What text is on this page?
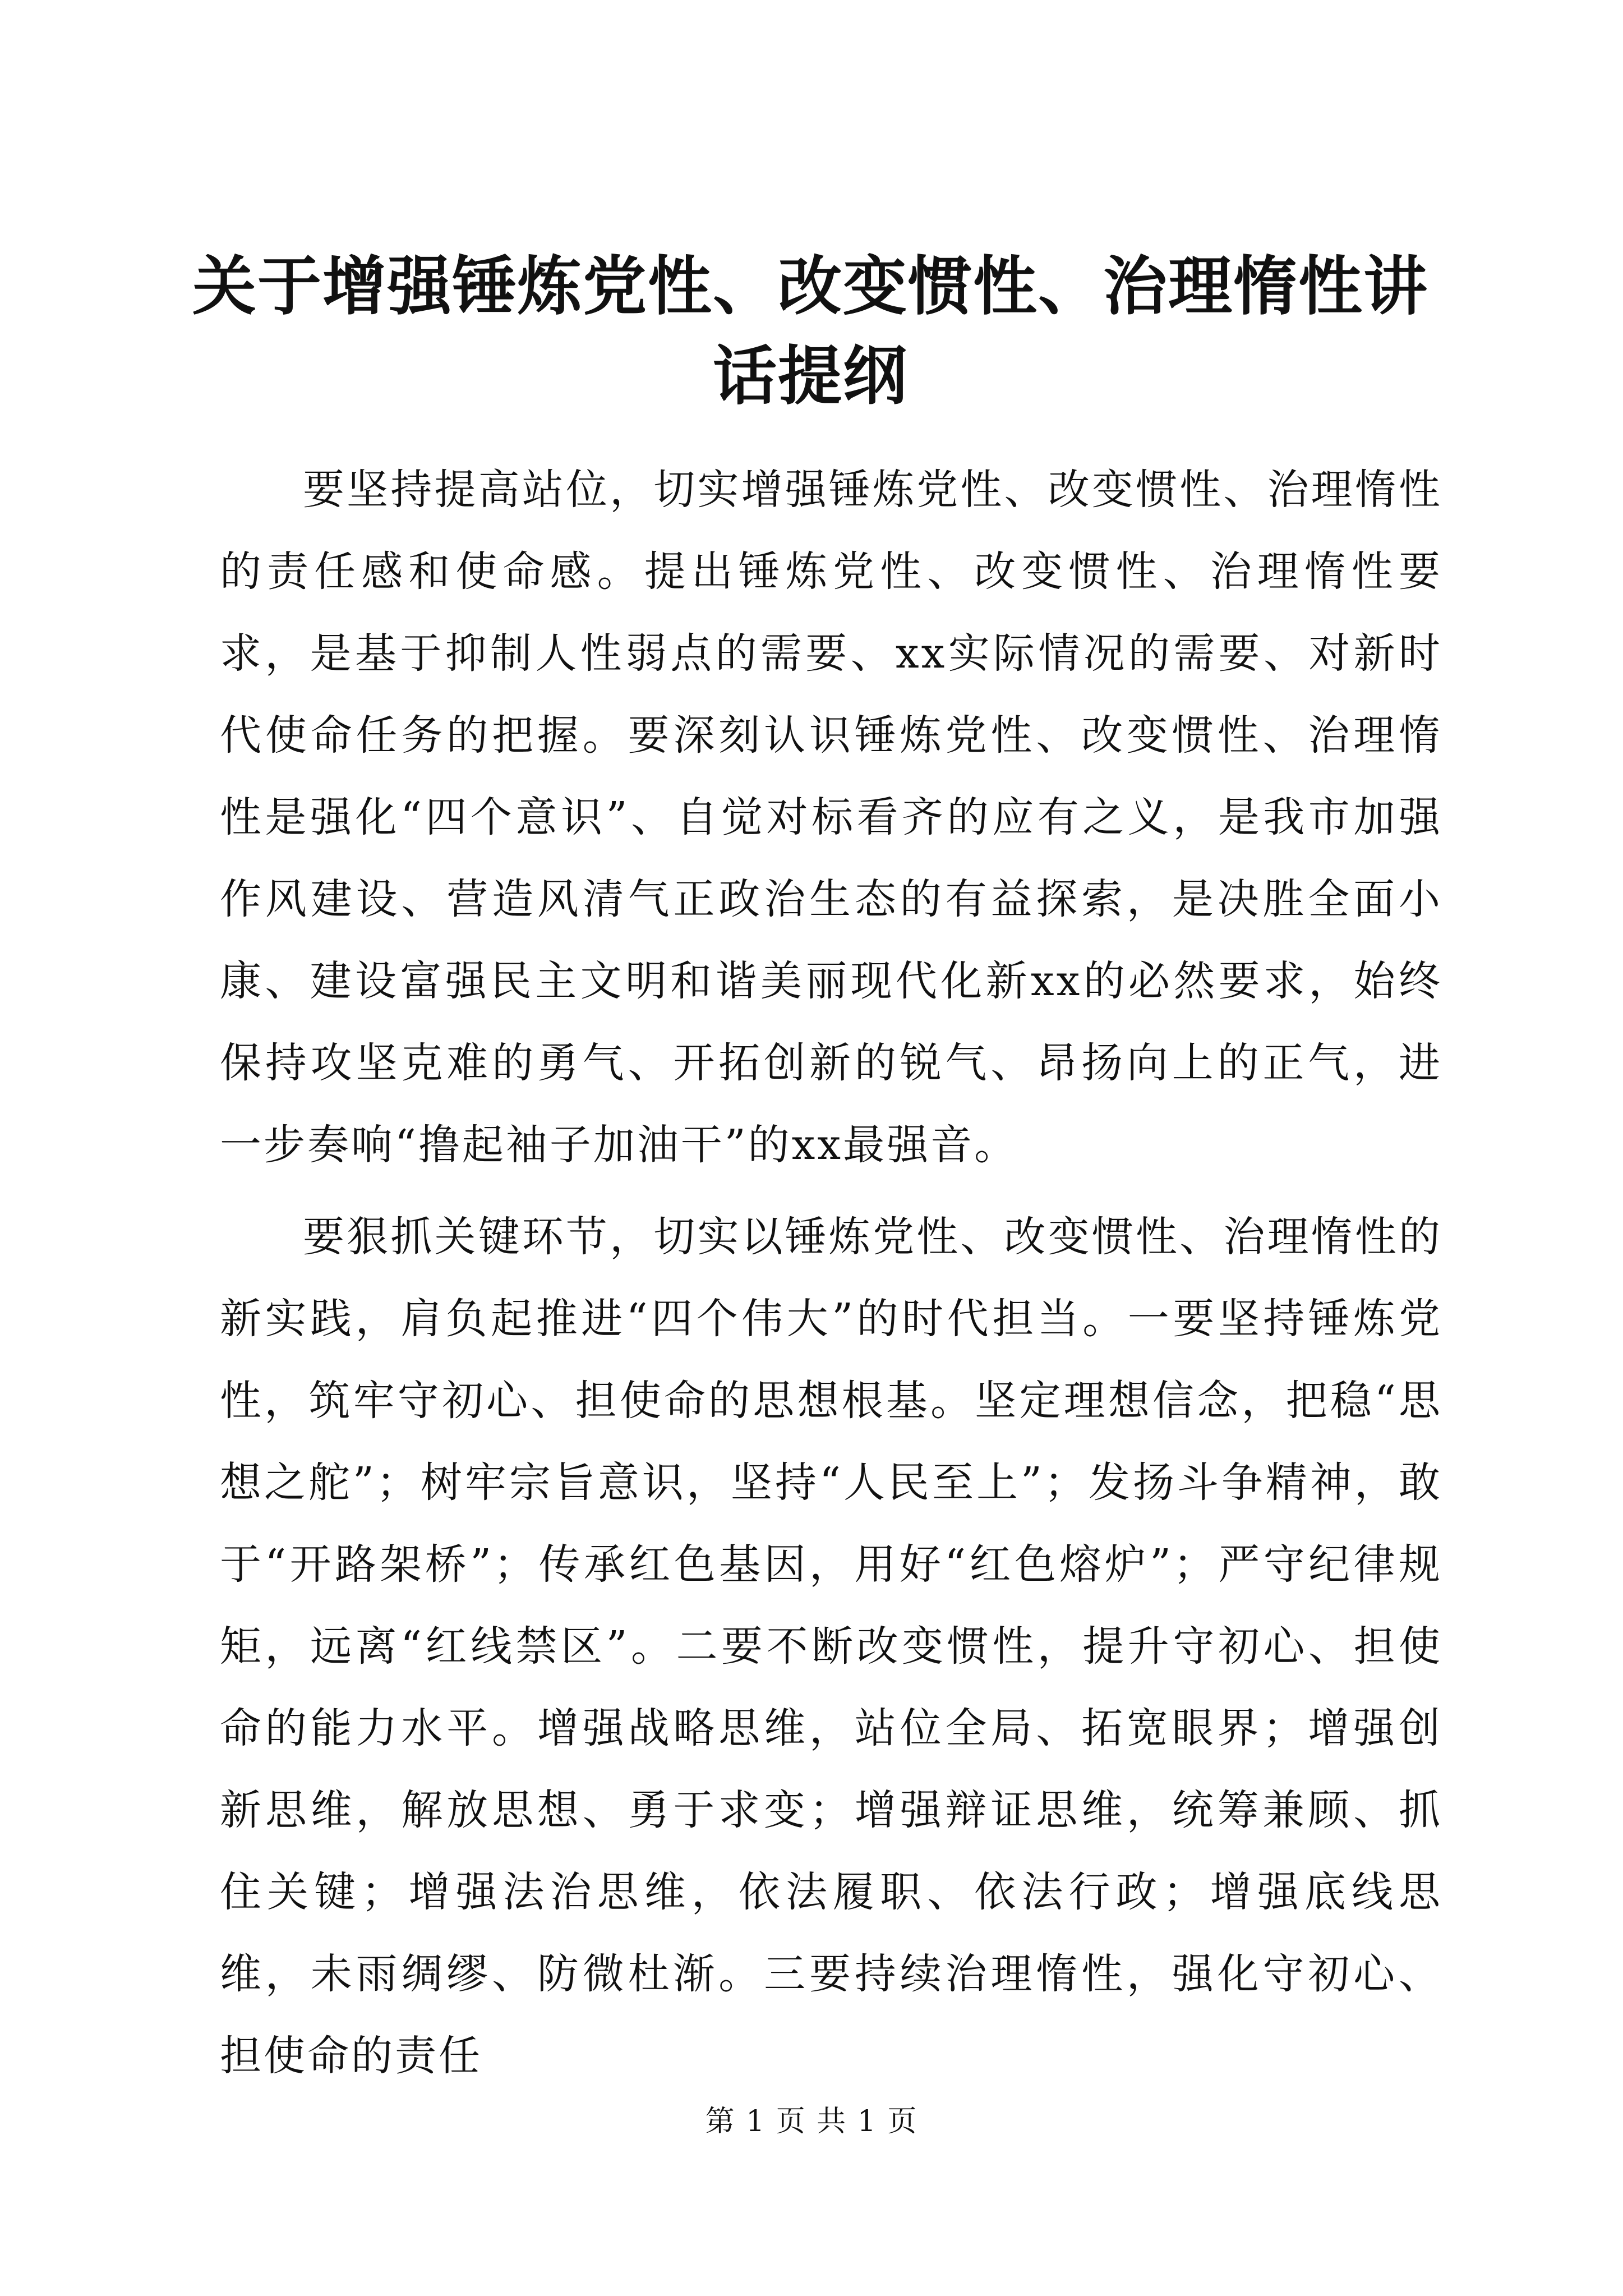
关于增强锤炼党性、改变惯性、治理惰性讲话提纲

要坚持提高站位，切实增强锤炼党性、改变惯性、治理惰性的责任感和使命感。提出锤炼党性、改变惯性、治理惰性要求，是基于抑制人性弱点的需要、xx实际情况的需要、对新时代使命任务的把握。要深刻认识锤炼党性、改变惯性、治理惰性是强化“四个意识”、自觉对标看齐的应有之义，是我市加强作风建设、营造风清气正政治生态的有益探索，是决胜全面小康、建设富强民主文明和谐美丽现代化新xx的必然要求，始终保持攻坚克难的勇气、开拓创新的锐气、昂扬向上的正气，进一步奏响“撸起袖子加油干”的xx最强音。

要狠抓关键环节，切实以锤炼党性、改变惯性、治理惰性的新实践，肩负起推进“四个伟大”的时代担当。一要坚持锤炼党性，筑牢守初心、担使命的思想根基。坚定理想信念，把稳“思想之舵”；树牢宗旨意识，坚持“人民至上”；发扬斗争精神，敢于“开路架桥”；传承红色基因，用好“红色熔炉”；严守纪律规矩，远离“红线禁区”。二要不断改变惯性，提升守初心、担使命的能力水平。增强战略思维，站位全局、拓宽眼界；增强创新思维，解放思想、勇于求变；增强辩证思维，统筹兼顾、抓住关键；增强法治思维，依法履职、依法行政；增强底线思维，未雨绸缪、防微杜渐。三要持续治理惰性，强化守初心、担使命的责任

第 1 页 共 1 页
